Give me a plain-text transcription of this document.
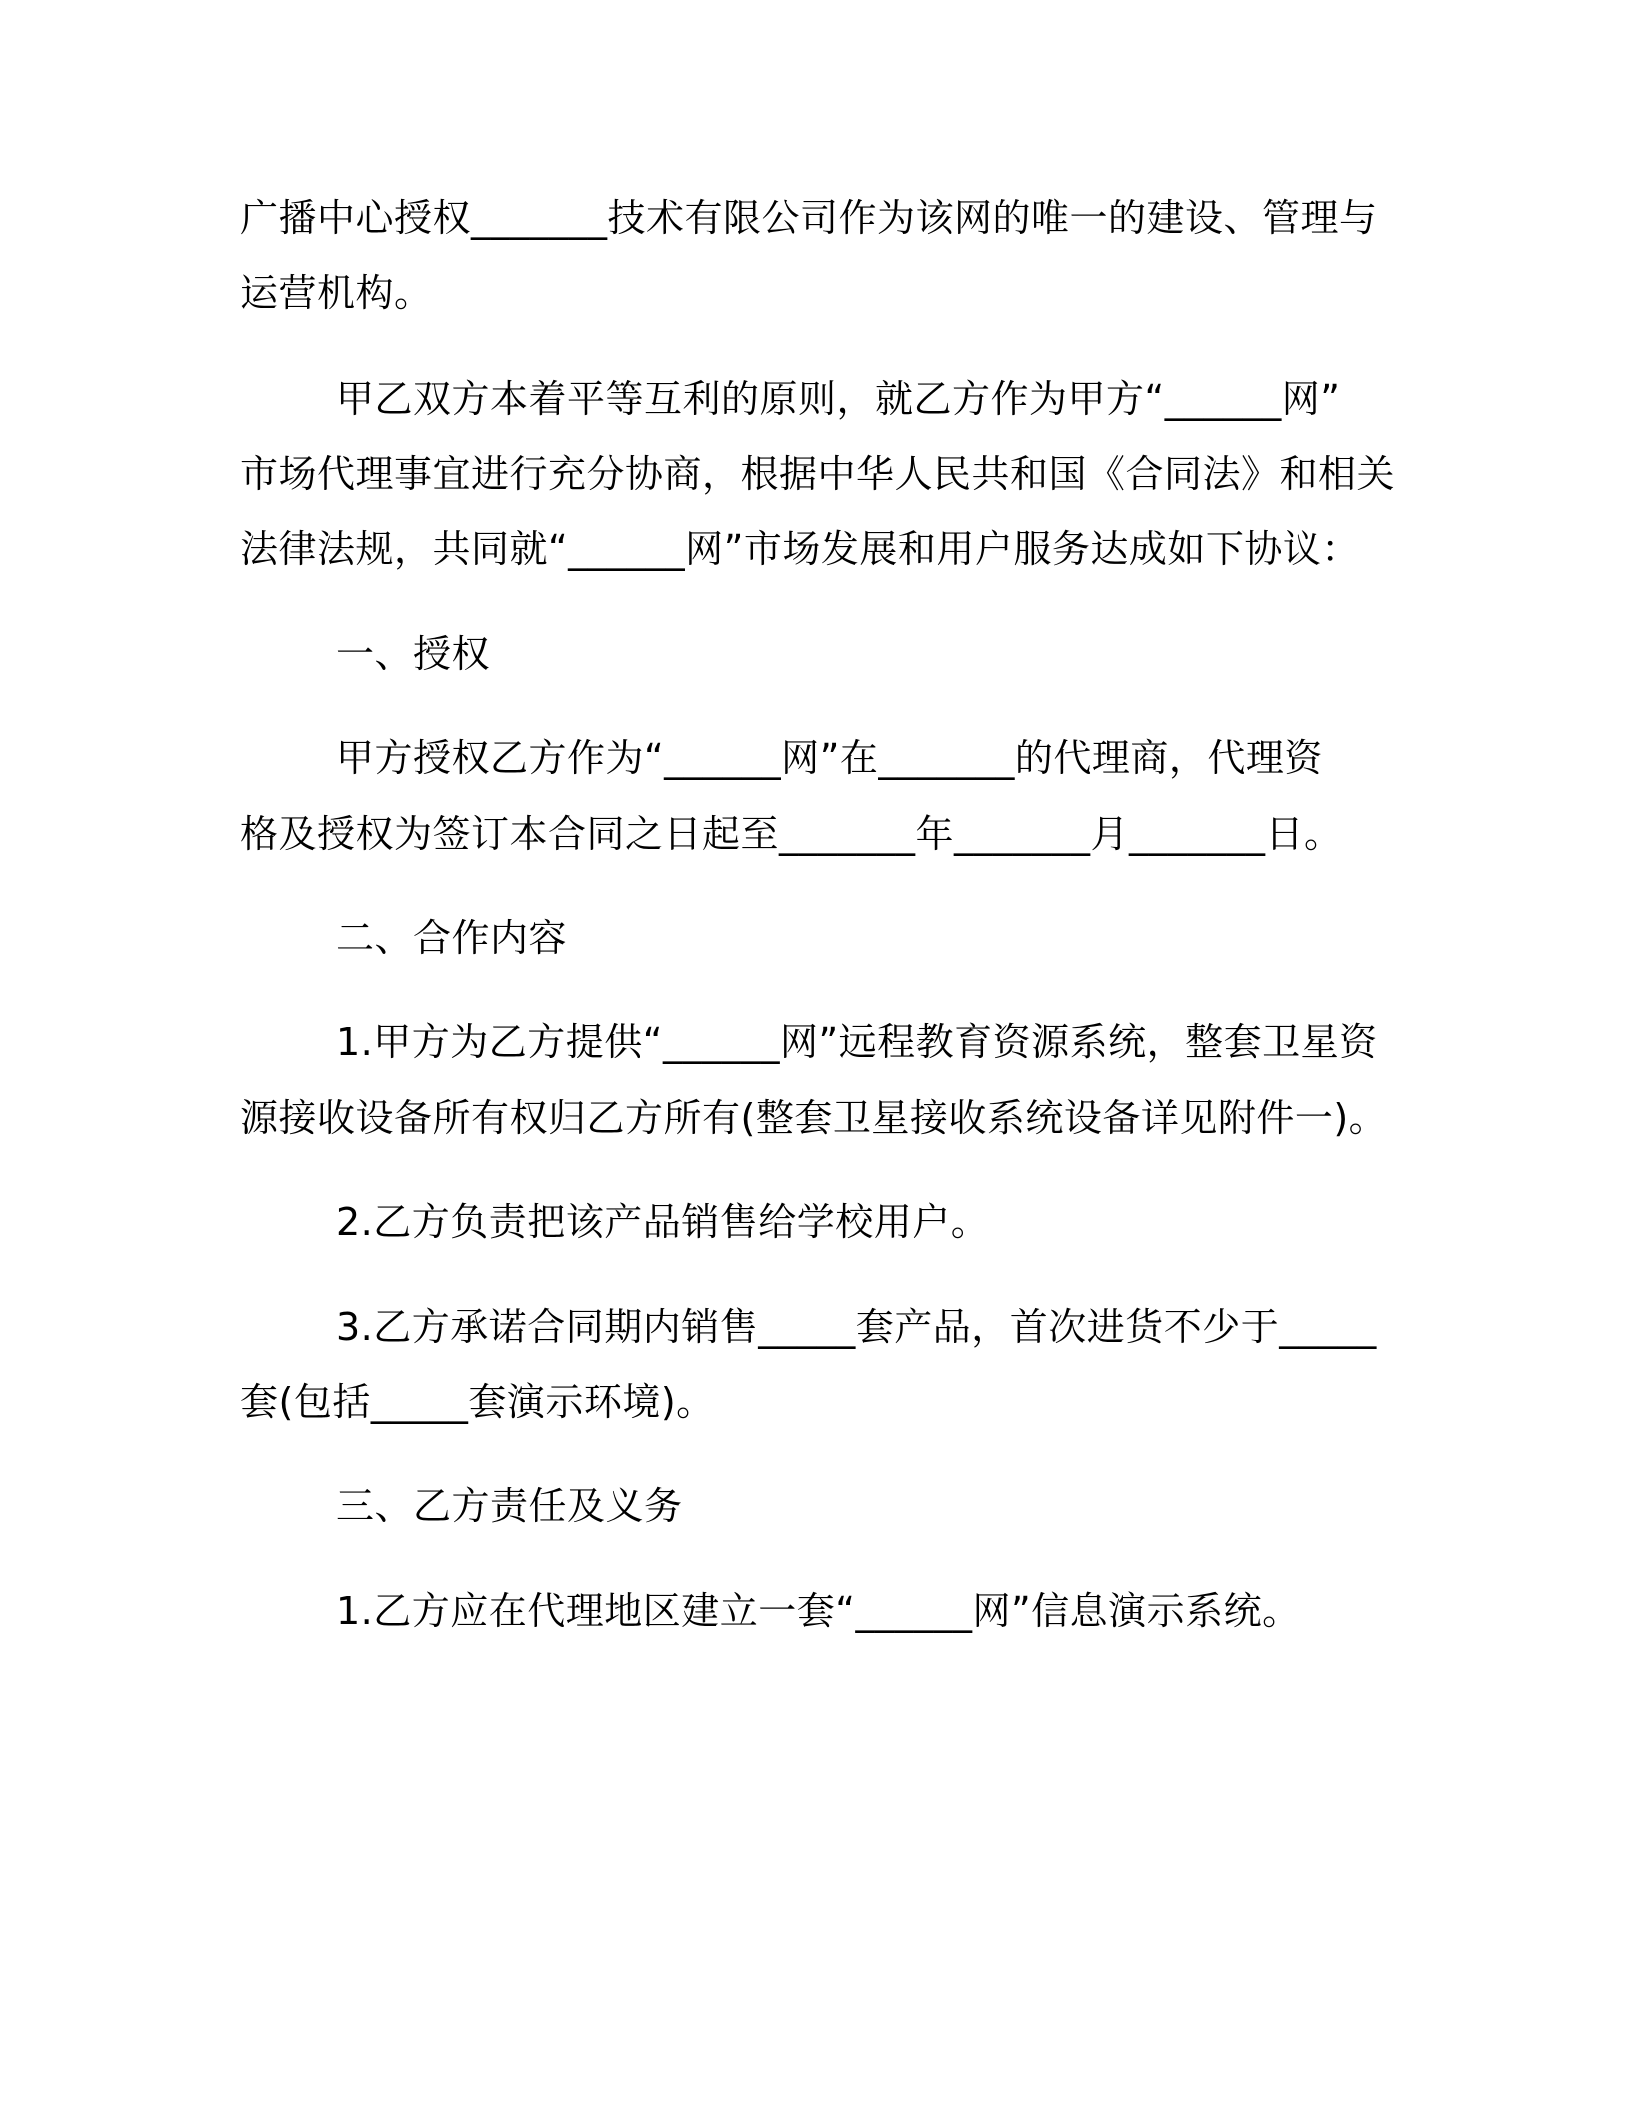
广播中心授权_______技术有限公司作为该网的唯一的建设、管理与
运营机构。
甲乙双方本着平等互利的原则，就乙方作为甲方“______网”
市场代理事宜进行充分协商，根据中华人民共和国《合同法》和相关
法律法规，共同就“______网”市场发展和用户服务达成如下协议：
一、授权
甲方授权乙方作为“______网”在_______的代理商，代理资
格及授权为签订本合同之日起至_______年_______月_______日。
二、合作内容
1.甲方为乙方提供“______网”远程教育资源系统，整套卫星资
源接收设备所有权归乙方所有(整套卫星接收系统设备详见附件一)。
2.乙方负责把该产品销售给学校用户。
3.乙方承诺合同期内销售_____套产品，首次进货不少于_____
套(包括_____套演示环境)。
三、乙方责任及义务
1.乙方应在代理地区建立一套“______网”信息演示系统。
